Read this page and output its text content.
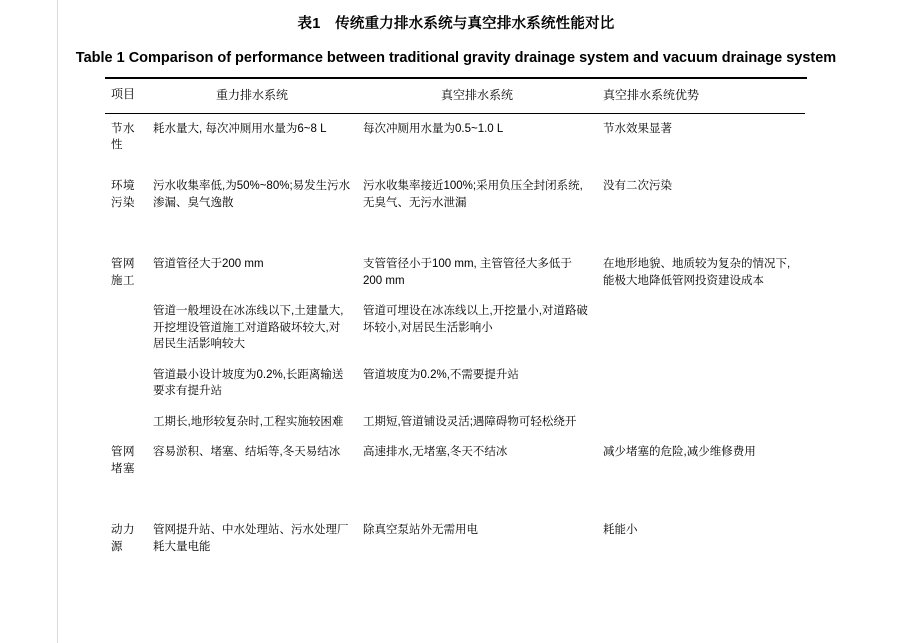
表1　传统重力排水系统与真空排水系统性能对比
Table 1 Comparison of performance between traditional gravity drainage system and vacuum drainage system
项目	重力排水系统	真空排水系统	真空排水系统优势
节水性	耗水量大, 每次冲厕用水量为6~8 L	每次冲厕用水量为0.5~1.0 L	节水效果显著
环境污染	污水收集率低,为50%~80%;易发生污水渗漏、臭气逸散	污水收集率接近100%;采用负压全封闭系统,无臭气、无污水泄漏	没有二次污染
管网施工	管道管径大于200 mm	支管管径小于100 mm, 主管管径大多低于200 mm	在地形地貌、地质较为复杂的情况下,能极大地降低管网投资建设成本
	管道一般埋设在冰冻线以下,土建量大,开挖埋设管道施工对道路破坏较大,对居民生活影响较大	管道可埋设在冰冻线以上,开挖量小,对道路破坏较小,对居民生活影响小	
	管道最小设计坡度为0.2%,长距离输送要求有提升站	管道坡度为0.2%,不需要提升站	
	工期长,地形较复杂时,工程实施较困难	工期短,管道铺设灵活;遇障碍物可轻松绕开	
管网堵塞	容易淤积、堵塞、结垢等,冬天易结冰	高速排水,无堵塞,冬天不结冰	减少堵塞的危险,减少维修费用
动力源	管网提升站、中水处理站、污水处理厂耗大量电能	除真空泵站外无需用电	耗能小
